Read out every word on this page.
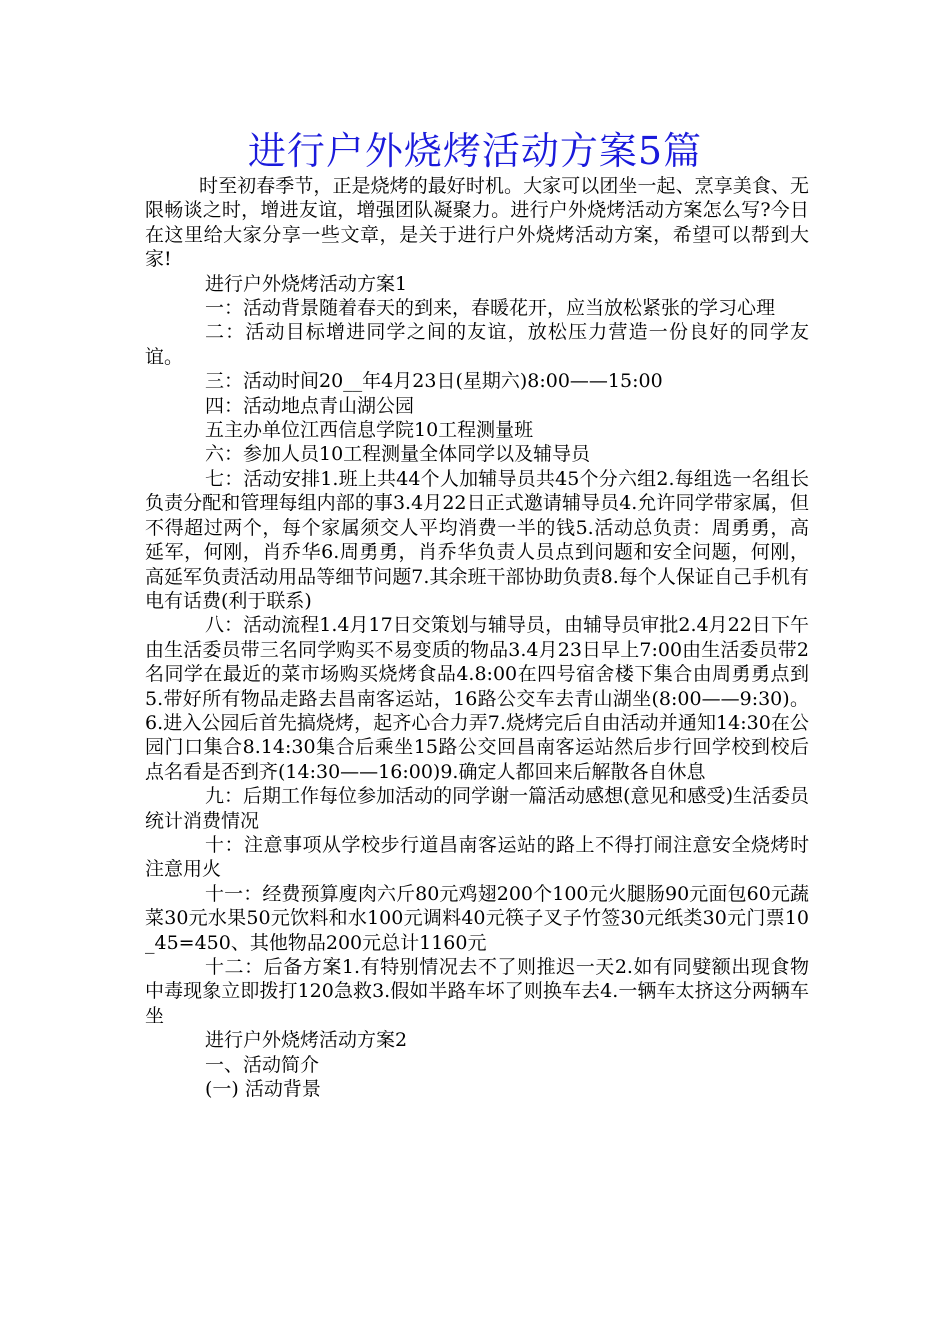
进行户外烧烤活动方案5篇

时至初春季节，正是烧烤的最好时机。大家可以团坐一起、烹享美食、无限畅谈之时，增进友谊，增强团队凝聚力。进行户外烧烤活动方案怎么写?今日在这里给大家分享一些文章，是关于进行户外烧烤活动方案，希望可以帮到大家!

进行户外烧烤活动方案1

一：活动背景随着春天的到来，春暖花开，应当放松紧张的学习心理

二：活动目标增进同学之间的友谊，放松压力营造一份良好的同学友谊。

三：活动时间20__年4月23日(星期六)8:00——15:00

四：活动地点青山湖公园

五主办单位江西信息学院10工程测量班

六：参加人员10工程测量全体同学以及辅导员

七：活动安排1.班上共44个人加辅导员共45个分六组2.每组选一名组长负责分配和管理每组内部的事3.4月22日正式邀请辅导员4.允许同学带家属，但不得超过两个，每个家属须交人平均消费一半的钱5.活动总负责：周勇勇，高延军，何刚，肖乔华6.周勇勇，肖乔华负责人员点到问题和安全问题，何刚，高延军负责活动用品等细节问题7.其余班干部协助负责8.每个人保证自己手机有电有话费(利于联系)

八：活动流程1.4月17日交策划与辅导员，由辅导员审批2.4月22日下午由生活委员带三名同学购买不易变质的物品3.4月23日早上7:00由生活委员带2名同学在最近的菜市场购买烧烤食品4.8:00在四号宿舍楼下集合由周勇勇点到5.带好所有物品走路去昌南客运站，16路公交车去青山湖坐(8:00——9:30)。6.进入公园后首先搞烧烤，起齐心合力弄7.烧烤完后自由活动并通知14:30在公园门口集合8.14:30集合后乘坐15路公交回昌南客运站然后步行回学校到校后点名看是否到齐(14:30——16:00)9.确定人都回来后解散各自休息

九：后期工作每位参加活动的同学谢一篇活动感想(意见和感受)生活委员统计消费情况

十：注意事项从学校步行道昌南客运站的路上不得打闹注意安全烧烤时注意用火

十一：经费预算廋肉六斤80元鸡翅200个100元火腿肠90元面包60元蔬菜30元水果50元饮料和水100元调料40元筷子叉子竹签30元纸类30元门票10_45=450、其他物品200元总计1160元

十二：后备方案1.有特别情况去不了则推迟一天2.如有同嬖额出现食物中毒现象立即拨打120急救3.假如半路车坏了则换车去4.一辆车太挤这分两辆车坐

进行户外烧烤活动方案2

一、活动简介

(一) 活动背景
